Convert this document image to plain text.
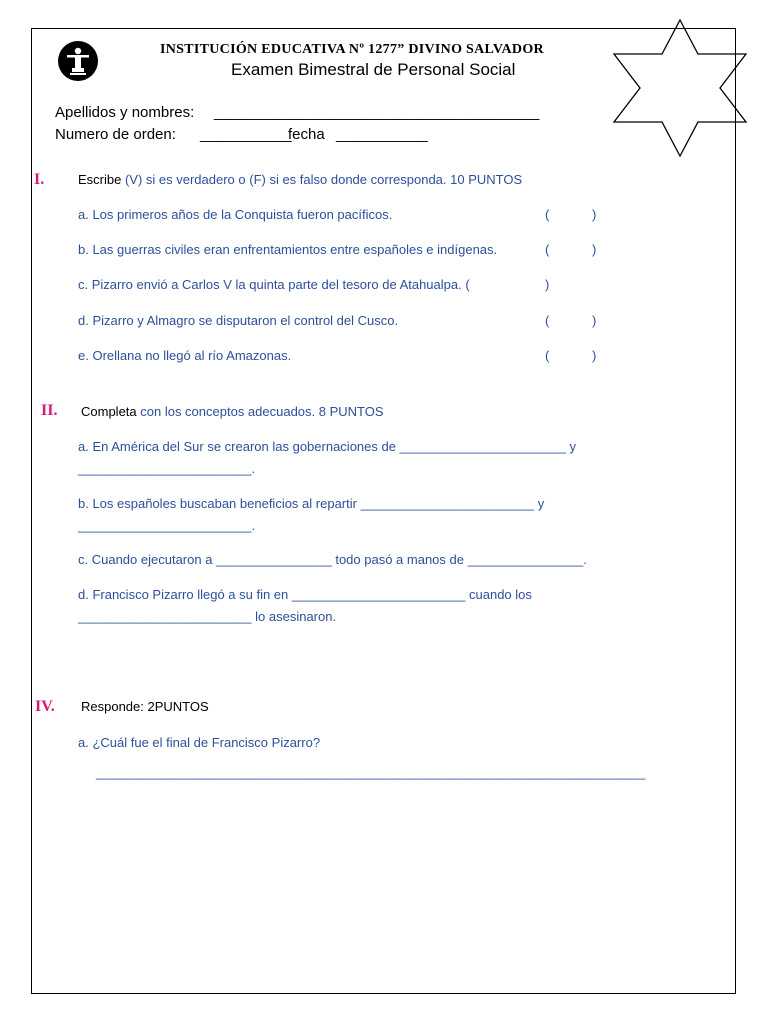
INSTITUCIÓN EDUCATIVA Nº 1277” DIVINO SALVADOR
Examen Bimestral de Personal Social
Apellidos y nombres: _______________________________________
Numero de orden: ___________
fecha ___________
I.	Escribe (V) si es verdadero o (F) si es falso donde corresponda. 10 PUNTOS
a. Los primeros años de la Conquista fueron pacíficos.	(	)
b. Las guerras civiles eran enfrentamientos entre españoles e indígenas.	(	)
c. Pizarro envió a Carlos V la quinta parte del tesoro de Atahualpa. (	)
d. Pizarro y Almagro se disputaron el control del Cusco.	(	)
e. Orellana no llegó al río Amazonas.	(	)
II. Completa con los conceptos adecuados. 8 PUNTOS
a. En América del Sur se crearon las gobernaciones de _______________________ y
________________________.
b. Los españoles buscaban beneficios al repartir ________________________ y
________________________.
c. Cuando ejecutaron a ________________ todo pasó a manos de ________________.
d. Francisco Pizarro llegó a su fin en ________________________ cuando los
________________________ lo asesinaron.
IV. Responde: 2PUNTOS
a. ¿Cuál fue el final de Francisco Pizarro?
____________________________________________________________________________
